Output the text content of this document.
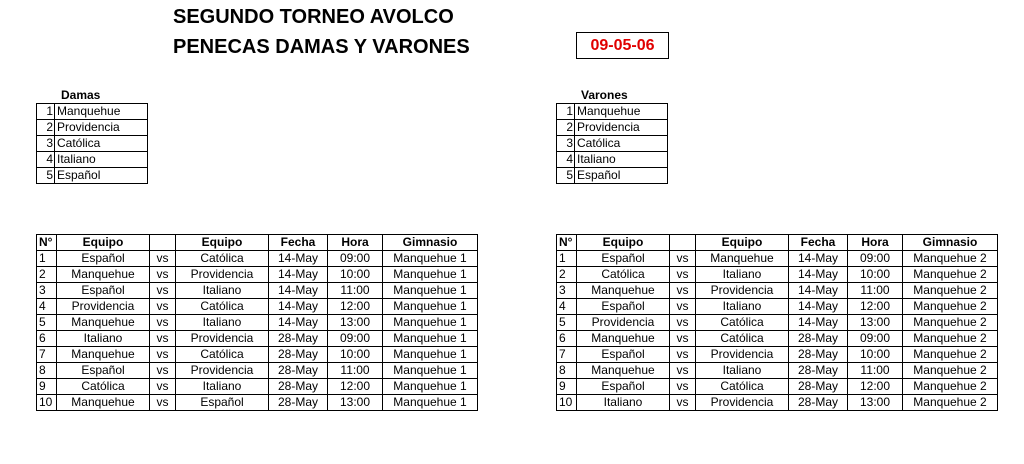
SEGUNDO TORNEO AVOLCO
PENECAS DAMAS Y VARONES	09-05-06
Damas
1	Manquehue
2	Providencia
3	Católica
4	Italiano
5	Español
Varones
1	Manquehue
2	Providencia
3	Católica
4	Italiano
5	Español
N°	Equipo		Equipo	Fecha	Hora	Gimnasio
1	Español	vs	Católica	14-May	09:00	Manquehue 1
2	Manquehue	vs	Providencia	14-May	10:00	Manquehue 1
3	Español	vs	Italiano	14-May	11:00	Manquehue 1
4	Providencia	vs	Católica	14-May	12:00	Manquehue 1
5	Manquehue	vs	Italiano	14-May	13:00	Manquehue 1
6	Italiano	vs	Providencia	28-May	09:00	Manquehue 1
7	Manquehue	vs	Católica	28-May	10:00	Manquehue 1
8	Español	vs	Providencia	28-May	11:00	Manquehue 1
9	Católica	vs	Italiano	28-May	12:00	Manquehue 1
10	Manquehue	vs	Español	28-May	13:00	Manquehue 1
N°	Equipo		Equipo	Fecha	Hora	Gimnasio
1	Español	vs	Manquehue	14-May	09:00	Manquehue 2
2	Católica	vs	Italiano	14-May	10:00	Manquehue 2
3	Manquehue	vs	Providencia	14-May	11:00	Manquehue 2
4	Español	vs	Italiano	14-May	12:00	Manquehue 2
5	Providencia	vs	Católica	14-May	13:00	Manquehue 2
6	Manquehue	vs	Católica	28-May	09:00	Manquehue 2
7	Español	vs	Providencia	28-May	10:00	Manquehue 2
8	Manquehue	vs	Italiano	28-May	11:00	Manquehue 2
9	Español	vs	Católica	28-May	12:00	Manquehue 2
10	Italiano	vs	Providencia	28-May	13:00	Manquehue 2
